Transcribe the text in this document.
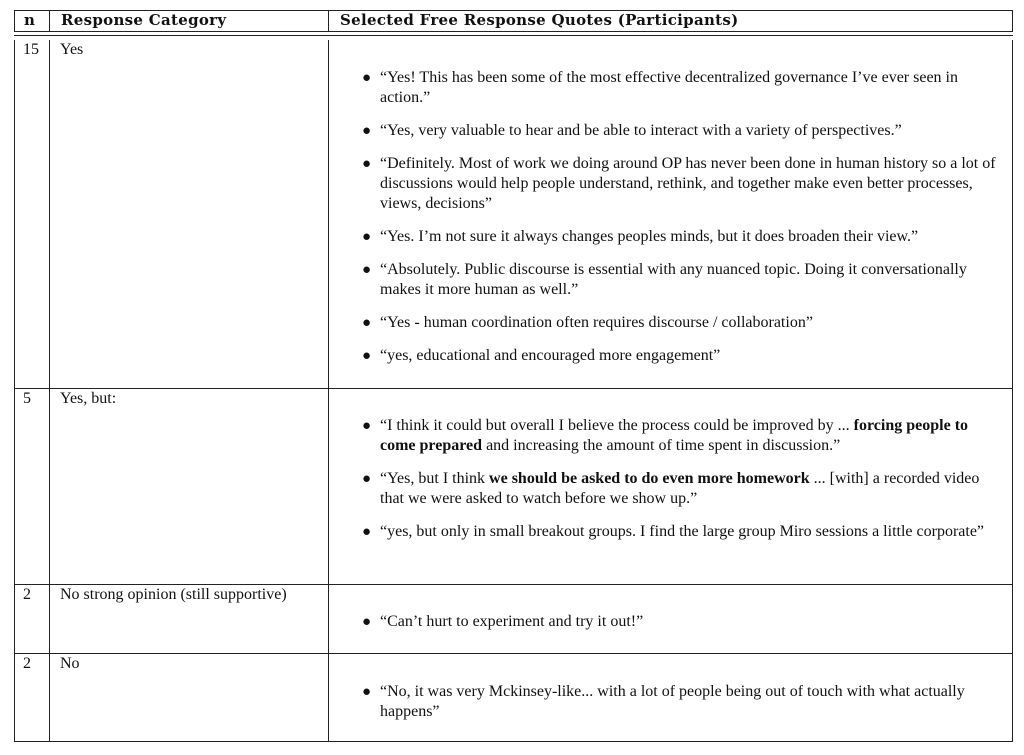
n Response Category	Selected Free Response Quotes (Participants)
15 Yes
● “Yes! This has been some of the most effective decentralized governance I’ve ever seen in action.”
● “Yes, very valuable to hear and be able to interact with a variety of perspectives.”
● “Definitely. Most of work we doing around OP has never been done in human history so a lot of discussions would help people understand, rethink, and together make even better processes, views, decisions”
● “Yes. I’m not sure it always changes peoples minds, but it does broaden their view.”
● “Absolutely. Public discourse is essential with any nuanced topic. Doing it conversationally makes it more human as well.”
● “Yes - human coordination often requires discourse / collaboration”
● “yes, educational and encouraged more engagement”
5 Yes, but:
● “I think it could but overall I believe the process could be improved by ... forcing people to come prepared and increasing the amount of time spent in discussion.”
● “Yes, but I think we should be asked to do even more homework ... [with] a recorded video that we were asked to watch before we show up.”
● “yes, but only in small breakout groups. I find the large group Miro sessions a little corporate”
2 No strong opinion (still supportive)
● “Can’t hurt to experiment and try it out!”
2 No
● “No, it was very Mckinsey-like... with a lot of people being out of touch with what actually happens”
